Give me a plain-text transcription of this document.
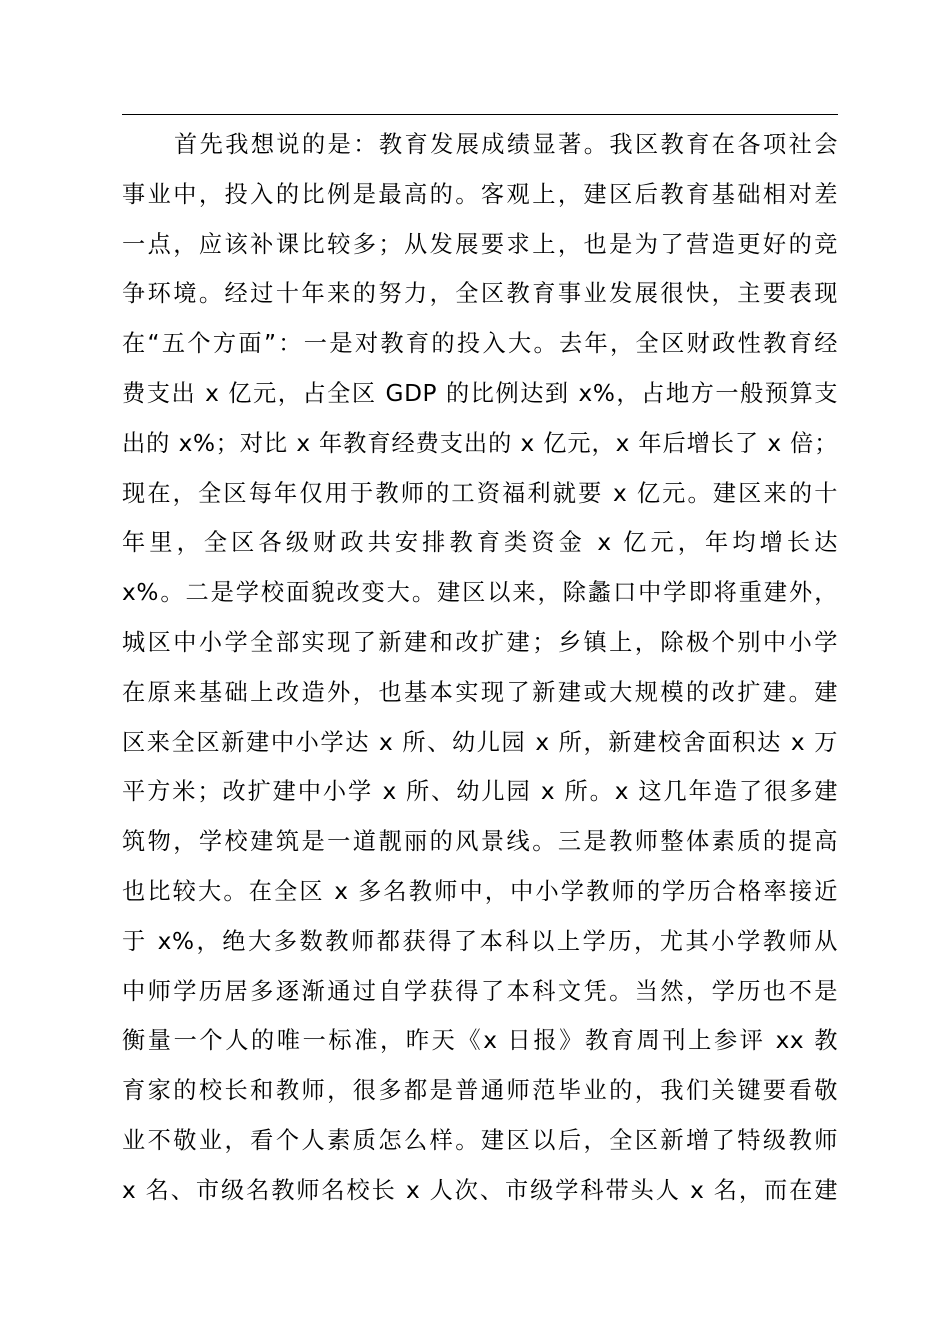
首先我想说的是：教育发展成绩显著。我区教育在各项社会
事业中，投入的比例是最高的。客观上，建区后教育基础相对差
一点，应该补课比较多；从发展要求上，也是为了营造更好的竞
争环境。经过十年来的努力，全区教育事业发展很快，主要表现
在“五个方面”：一是对教育的投入大。去年，全区财政性教育经
费支出 x 亿元，占全区 GDP 的比例达到 x%，占地方一般预算支
出的 x%；对比 x 年教育经费支出的 x 亿元，x 年后增长了 x 倍；
现在，全区每年仅用于教师的工资福利就要 x 亿元。建区来的十
年里，全区各级财政共安排教育类资金 x 亿元，年均增长达
x%。二是学校面貌改变大。建区以来，除蠡口中学即将重建外，
城区中小学全部实现了新建和改扩建；乡镇上，除极个别中小学
在原来基础上改造外，也基本实现了新建或大规模的改扩建。建
区来全区新建中小学达 x 所、幼儿园 x 所，新建校舍面积达 x 万
平方米；改扩建中小学 x 所、幼儿园 x 所。x 这几年造了很多建
筑物，学校建筑是一道靓丽的风景线。三是教师整体素质的提高
也比较大。在全区 x 多名教师中，中小学教师的学历合格率接近
于 x%，绝大多数教师都获得了本科以上学历，尤其小学教师从
中师学历居多逐渐通过自学获得了本科文凭。当然，学历也不是
衡量一个人的唯一标准，昨天《x 日报》教育周刊上参评 xx 教
育家的校长和教师，很多都是普通师范毕业的，我们关键要看敬
业不敬业，看个人素质怎么样。建区以后，全区新增了特级教师
x 名、市级名教师名校长 x 人次、市级学科带头人 x 名，而在建
